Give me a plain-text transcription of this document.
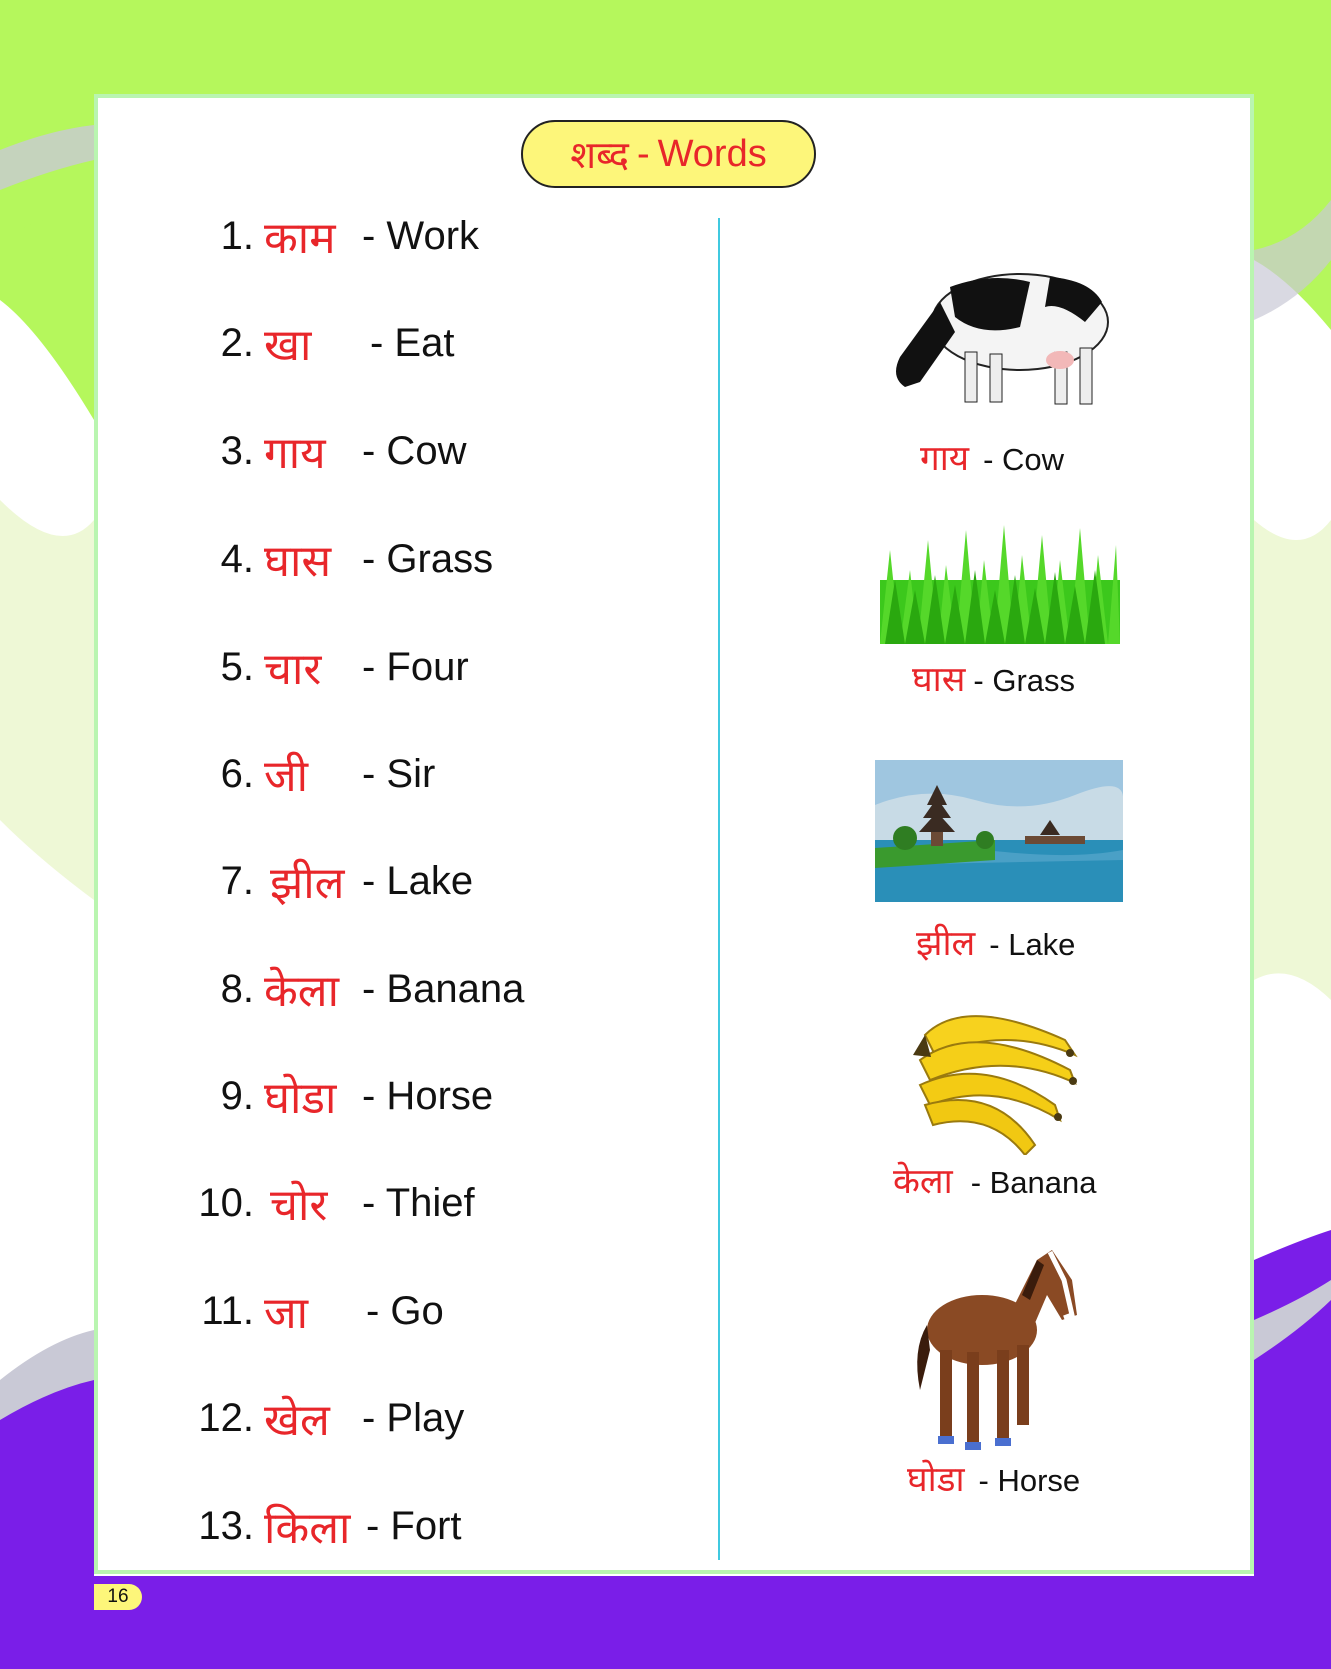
शब्द - Words
1. काम - Work
2. खा - Eat
3. गाय - Cow
4. घास - Grass
5. चार - Four
6. जी - Sir
7. झील - Lake
8. केला - Banana
9. घोडा - Horse
10. चोर - Thief
11. जा - Go
12. खेल - Play
13. किला - Fort
गाय - Cow
घास - Grass
झील - Lake
केला - Banana
घोडा - Horse
16
